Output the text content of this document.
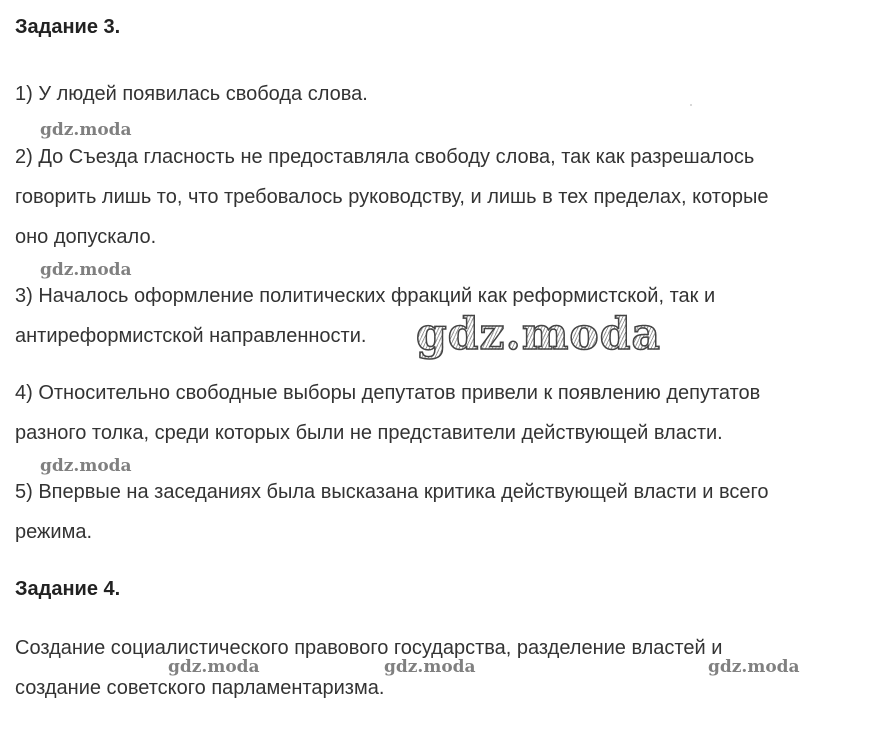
Задание 3.
1) У людей появилась свобода слова.
2) До Съезда гласность не предоставляла свободу слова, так как разрешалось
говорить лишь то, что требовалось руководству, и лишь в тех пределах, которые
оно допускало.
3) Началось оформление политических фракций как реформистской, так и
антиреформистской направленности.
4) Относительно свободные выборы депутатов привели к появлению депутатов
разного толка, среди которых были не представители действующей власти.
5) Впервые на заседаниях была высказана критика действующей власти и всего
режима.
Задание 4.
Создание социалистического правового государства, разделение властей и
создание советского парламентаризма.
gdz.moda
gdz.moda
gdz.moda
gdz.moda
gdz.moda	gdz.moda	gdz.moda
